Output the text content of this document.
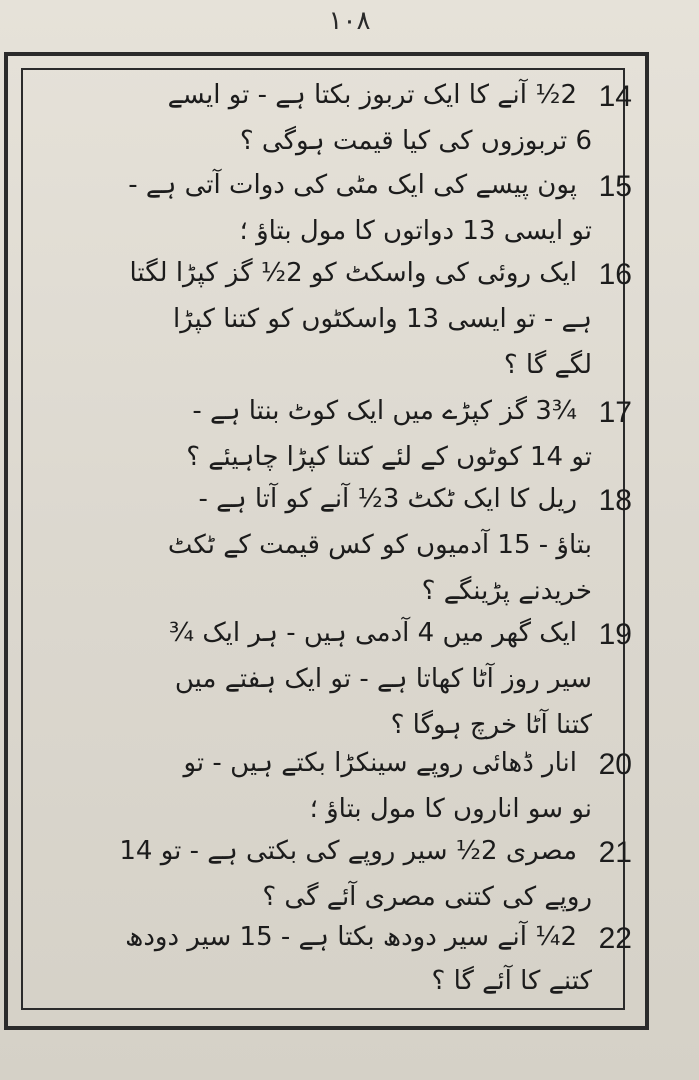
۱۰۸
14
2½ آنے کا ایک تربوز بکتا ہے - تو ایسے
6 تربوزوں کی کیا قیمت ہوگی ؟
15
پون پیسے کی ایک مٹی کی دوات آتی ہے -
تو ایسی 13 دواتوں کا مول بتاؤ ؛
16
ایک روئی کی واسکٹ کو 2½ گز کپڑا لگتا
ہے - تو ایسی 13 واسکٹوں کو کتنا کپڑا
لگے گا ؟
17
¾3 گز کپڑے میں ایک کوٹ بنتا ہے -
تو 14 کوٹوں کے لئے کتنا کپڑا چاہیئے ؟
18
ریل کا ایک ٹکٹ 3½ آنے کو آتا ہے -
بتاؤ - 15 آدمیوں کو کس قیمت کے ٹکٹ
خریدنے پڑینگے ؟
19
ایک گھر میں 4 آدمی ہیں - ہر ایک ¾
سیر روز آٹا کھاتا ہے - تو ایک ہفتے میں
کتنا آٹا خرچ ہوگا ؟
20
انار ڈھائی روپے سینکڑا بکتے ہیں - تو
نو سو اناروں کا مول بتاؤ ؛
21
مصری 2½ سیر روپے کی بکتی ہے - تو 14
روپے کی کتنی مصری آئے گی ؟
22
2¼ آنے سیر دودھ بکتا ہے - 15 سیر دودھ
کتنے کا آئے گا ؟
